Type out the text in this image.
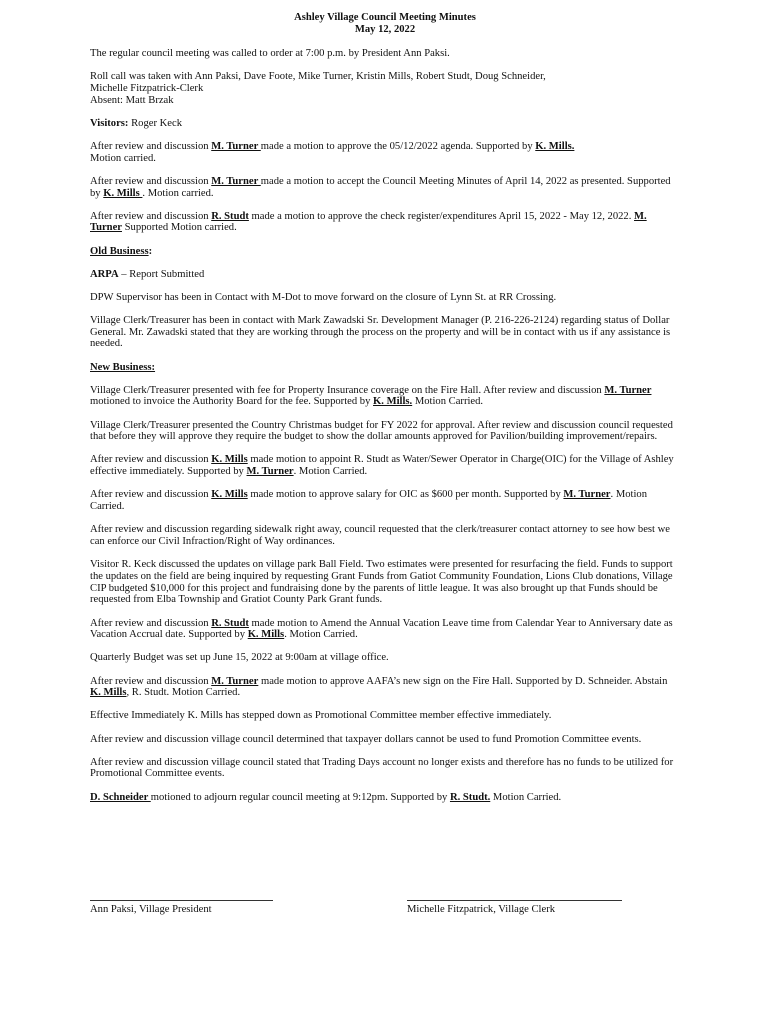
Ashley Village Council Meeting Minutes
May 12, 2022

The regular council meeting was called to order at 7:00 p.m. by President Ann Paksi.

Roll call was taken with Ann Paksi, Dave Foote, Mike Turner, Kristin Mills, Robert Studt, Doug Schneider,
Michelle Fitzpatrick-Clerk
Absent: Matt Brzak

Visitors: Roger Keck

After review and discussion M. Turner made a motion to approve the 05/12/2022 agenda. Supported by K. Mills.
Motion carried.

After review and discussion M. Turner made a motion to accept the Council Meeting Minutes of April 14, 2022 as presented. Supported by K. Mills . Motion carried.

After review and discussion R. Studt made a motion to approve the check register/expenditures April 15, 2022 - May 12, 2022. M. Turner Supported Motion carried.

Old Business:

ARPA – Report Submitted

DPW Supervisor has been in Contact with M-Dot to move forward on the closure of Lynn St. at RR Crossing.

Village Clerk/Treasurer has been in contact with Mark Zawadski Sr. Development Manager (P. 216-226-2124) regarding status of Dollar General. Mr. Zawadski stated that they are working through the process on the property and will be in contact with us if any assistance is needed.

New Business:

Village Clerk/Treasurer presented with fee for Property Insurance coverage on the Fire Hall. After review and discussion M. Turner motioned to invoice the Authority Board for the fee. Supported by K. Mills. Motion Carried.

Village Clerk/Treasurer presented the Country Christmas budget for FY 2022 for approval. After review and discussion council requested that before they will approve they require the budget to show the dollar amounts approved for Pavilion/building improvement/repairs.

After review and discussion K. Mills made motion to appoint R. Studt as Water/Sewer Operator in Charge(OIC) for the Village of Ashley effective immediately. Supported by M. Turner. Motion Carried.

After review and discussion K. Mills made motion to approve salary for OIC as $600 per month. Supported by M. Turner. Motion Carried.

After review and discussion regarding sidewalk right away, council requested that the clerk/treasurer contact attorney to see how best we can enforce our Civil Infraction/Right of Way ordinances.

Visitor R. Keck discussed the updates on village park Ball Field. Two estimates were presented for resurfacing the field. Funds to support the updates on the field are being inquired by requesting Grant Funds from Gatiot Community Foundation, Lions Club donations, Village CIP budgeted $10,000 for this project and fundraising done by the parents of little league. It was also brought up that Funds should be requested from Elba Township and Gratiot County Park Grant funds.

After review and discussion R. Studt made motion to Amend the Annual Vacation Leave time from Calendar Year to Anniversary date as Vacation Accrual date. Supported by K. Mills. Motion Carried.

Quarterly Budget was set up June 15, 2022 at 9:00am at village office.

After review and discussion M. Turner made motion to approve AAFA’s new sign on the Fire Hall. Supported by D. Schneider. Abstain K. Mills, R. Studt. Motion Carried.

Effective Immediately K. Mills has stepped down as Promotional Committee member effective immediately.

After review and discussion village council determined that taxpayer dollars cannot be used to fund Promotion Committee events.

After review and discussion village council stated that Trading Days account no longer exists and therefore has no funds to be utilized for Promotional Committee events.

D. Schneider motioned to adjourn regular council meeting at 9:12pm. Supported by R. Studt. Motion Carried.

Ann Paksi, Village President	Michelle Fitzpatrick, Village Clerk
